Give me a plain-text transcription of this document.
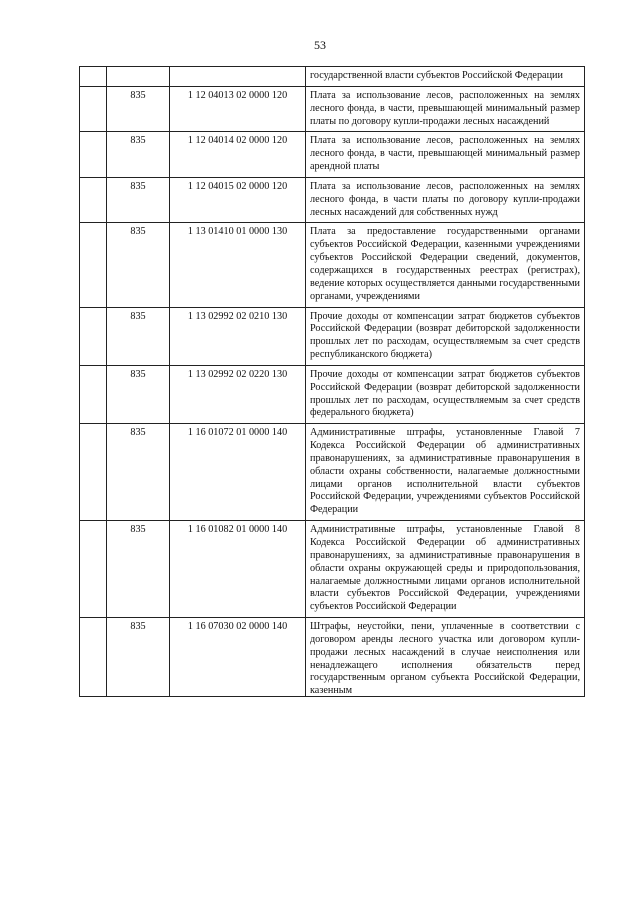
53
			государственной власти субъектов Российской Федерации
	835	1 12 04013 02 0000 120	Плата за использование лесов, расположенных на землях лесного фонда, в части, превышающей минимальный размер платы по договору купли-продажи лесных насаждений
	835	1 12 04014 02 0000 120	Плата за использование лесов, расположенных на землях лесного фонда, в части, превышающей минимальный размер арендной платы
	835	1 12 04015 02 0000 120	Плата за использование лесов, расположенных на землях лесного фонда, в части платы по договору купли-продажи лесных насаждений для собственных нужд
	835	1 13 01410 01 0000 130	Плата за предоставление государственными органами субъектов Российской Федерации, казенными учреждениями субъектов Российской Федерации сведений, документов, содержащихся в государственных реестрах (регистрах), ведение которых осуществляется данными государственными органами, учреждениями
	835	1 13 02992 02 0210 130	Прочие доходы от компенсации затрат бюджетов субъектов Российской Федерации (возврат дебиторской задолженности прошлых лет по расходам, осуществляемым за счет средств республиканского бюджета)
	835	1 13 02992 02 0220 130	Прочие доходы от компенсации затрат бюджетов субъектов Российской Федерации (возврат дебиторской задолженности прошлых лет по расходам, осуществляемым за счет средств федерального бюджета)
	835	1 16 01072 01 0000 140	Административные штрафы, установленные Главой 7 Кодекса Российской Федерации об административных правонарушениях, за административные правонарушения в области охраны собственности, налагаемые должностными лицами органов исполнительной власти субъектов Российской Федерации, учреждениями субъектов Российской Федерации
	835	1 16 01082 01 0000 140	Административные штрафы, установленные Главой 8 Кодекса Российской Федерации об административных правонарушениях, за административные правонарушения в области охраны окружающей среды и природопользования, налагаемые должностными лицами органов исполнительной власти субъектов Российской Федерации, учреждениями субъектов Российской Федерации

	835	1 16 07030 02 0000 140	Штрафы, неустойки, пени, уплаченные в соответствии с договором аренды лесного участка или договором купли-продажи лесных насаждений в случае неисполнения или ненадлежащего исполнения обязательств перед государственным органом субъекта Российской Федерации, казенным
